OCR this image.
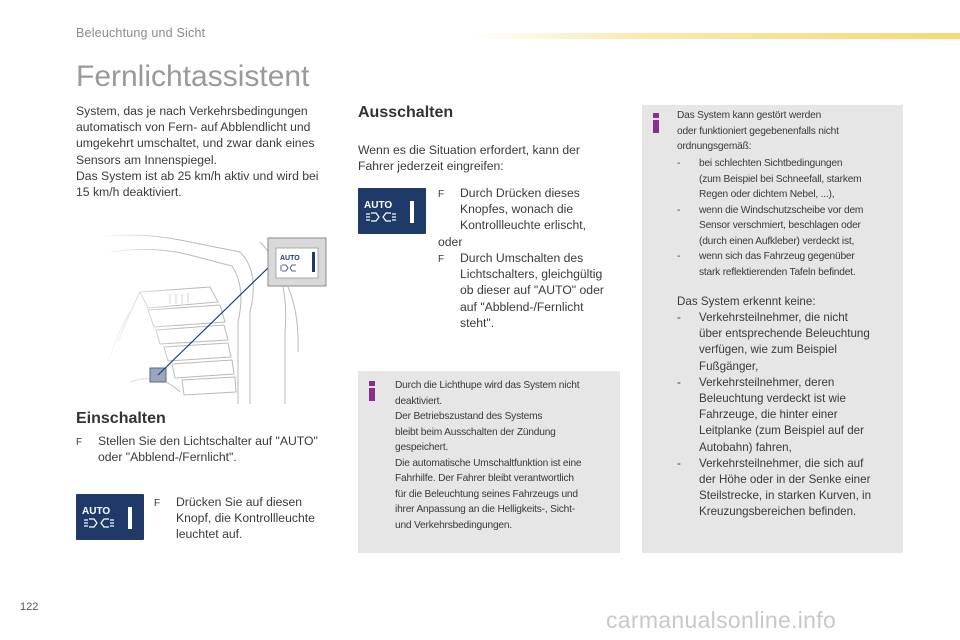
Beleuchtung und Sicht
Fernlichtassistent
System, das je nach Verkehrsbedingungen
automatisch von Fern- auf Abblendlicht und
umgekehrt umschaltet, und zwar dank eines
Sensors am Innenspiegel.
Das System ist ab 25 km/h aktiv und wird bei
15 km/h deaktiviert.
AUTO
Einschalten
F	Stellen Sie den Lichtschalter auf "AUTO"
oder "Abblend-/Fernlicht".
AUTO
F	Drücken Sie auf diesen
Knopf, die Kontrollleuchte
leuchtet auf.
Ausschalten
Wenn es die Situation erfordert, kann der
Fahrer jederzeit eingreifen:
AUTO
F	Durch Drücken dieses
Knopfes, wonach die
Kontrollleuchte erlischt,
oder
F	Durch Umschalten des
Lichtschalters, gleichgültig
ob dieser auf "AUTO" oder
auf "Abblend-/Fernlicht
steht".
Durch die Lichthupe wird das System nicht
deaktiviert.
Der Betriebszustand des Systems
bleibt beim Ausschalten der Zündung
gespeichert.
Die automatische Umschaltfunktion ist eine
Fahrhilfe. Der Fahrer bleibt verantwortlich
für die Beleuchtung seines Fahrzeugs und
ihrer Anpassung an die Helligkeits-, Sicht-
und Verkehrsbedingungen.
Das System kann gestört werden
oder funktioniert gegebenenfalls nicht
ordnungsgemäß:
-	bei schlechten Sichtbedingungen
(zum Beispiel bei Schneefall, starkem
Regen oder dichtem Nebel, ...),
-	wenn die Windschutzscheibe vor dem
Sensor verschmiert, beschlagen oder
(durch einen Aufkleber) verdeckt ist,
-	wenn sich das Fahrzeug gegenüber
stark reflektierenden Tafeln befindet.
Das System erkennt keine:
-	Verkehrsteilnehmer, die nicht
über entsprechende Beleuchtung
verfügen, wie zum Beispiel
Fußgänger,
-	Verkehrsteilnehmer, deren
Beleuchtung verdeckt ist wie
Fahrzeuge, die hinter einer
Leitplanke (zum Beispiel auf der
Autobahn) fahren,
-	Verkehrsteilnehmer, die sich auf
der Höhe oder in der Senke einer
Steilstrecke, in starken Kurven, in
Kreuzungsbereichen befinden.
122	carmanualsonline.info
